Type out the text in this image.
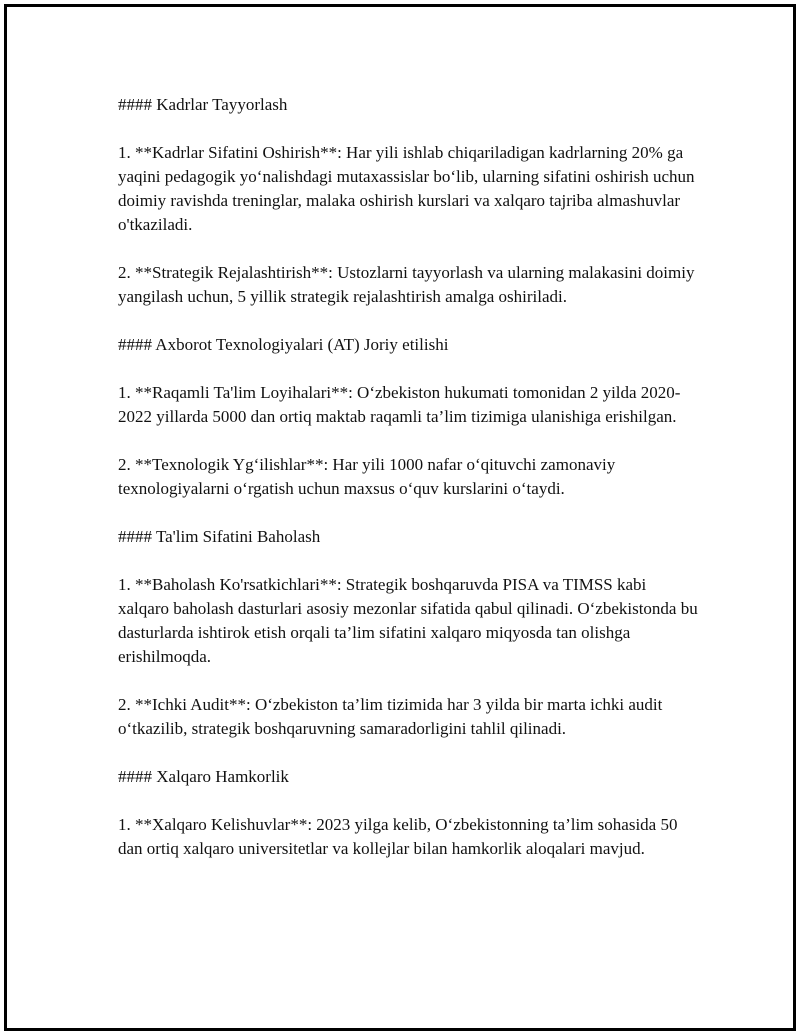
#### Kadrlar Tayyorlash

1. **Kadrlar Sifatini Oshirish**: Har yili ishlab chiqariladigan kadrlarning 20% ga yaqini pedagogik yo‘nalishdagi mutaxassislar bo‘lib, ularning sifatini oshirish uchun doimiy ravishda treninglar, malaka oshirish kurslari va xalqaro tajriba almashuvlar o'tkaziladi.

2. **Strategik Rejalashtirish**: Ustozlarni tayyorlash va ularning malakasini doimiy yangilash uchun, 5 yillik strategik rejalashtirish amalga oshiriladi.

#### Axborot Texnologiyalari (AT) Joriy etilishi

1. **Raqamli Ta'lim Loyihalari**: O‘zbekiston hukumati tomonidan 2 yilda 2020-2022 yillarda 5000 dan ortiq maktab raqamli ta’lim tizimiga ulanishiga erishilgan.

2. **Texnologik Yg‘ilishlar**: Har yili 1000 nafar o‘qituvchi zamonaviy texnologiyalarni o‘rgatish uchun maxsus o‘quv kurslarini o‘taydi.

#### Ta'lim Sifatini Baholash

1. **Baholash Ko'rsatkichlari**: Strategik boshqaruvda PISA va TIMSS kabi xalqaro baholash dasturlari asosiy mezonlar sifatida qabul qilinadi. O‘zbekistonda bu dasturlarda ishtirok etish orqali ta’lim sifatini xalqaro miqyosda tan olishga erishilmoqda.

2. **Ichki Audit**: O‘zbekiston ta’lim tizimida har 3 yilda bir marta ichki audit o‘tkazilib, strategik boshqaruvning samaradorligini tahlil qilinadi.

#### Xalqaro Hamkorlik

1. **Xalqaro Kelishuvlar**: 2023 yilga kelib, O‘zbekistonning ta’lim sohasida 50 dan ortiq xalqaro universitetlar va kollejlar bilan hamkorlik aloqalari mavjud.
